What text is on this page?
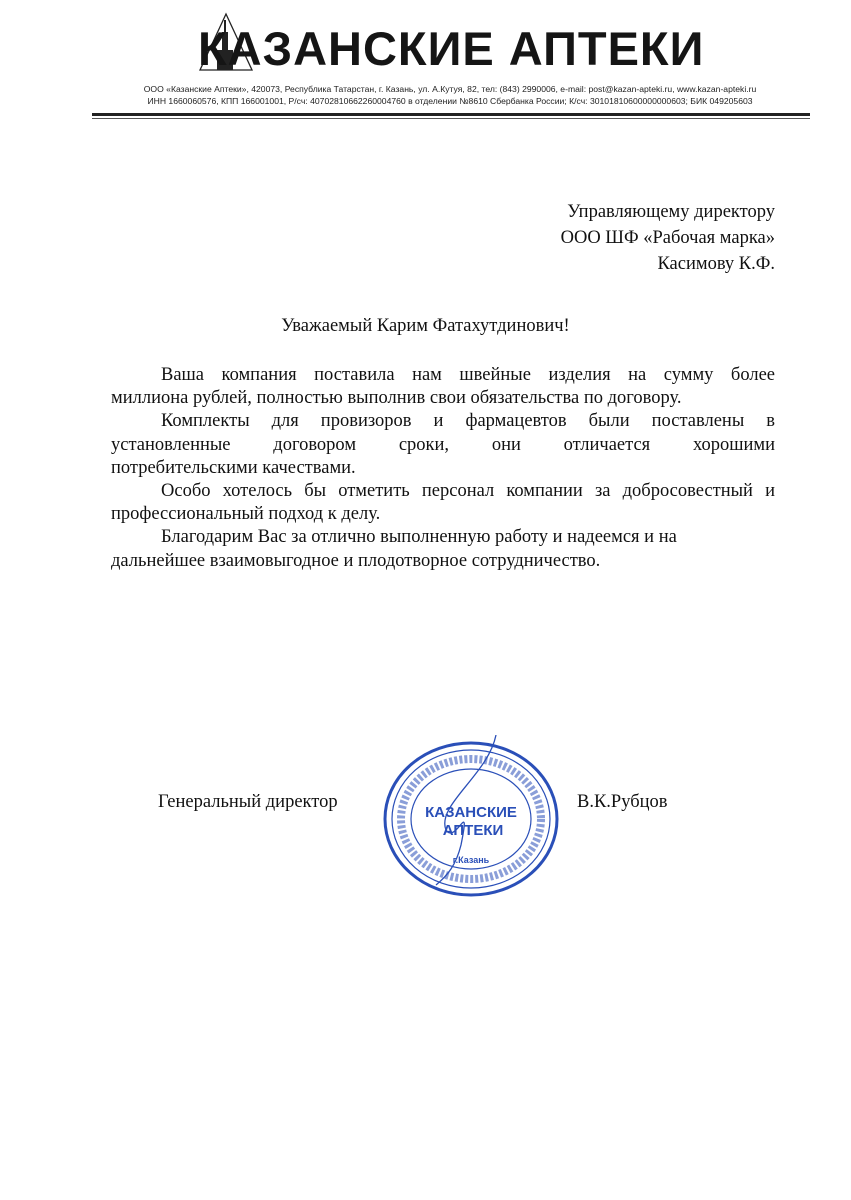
КАЗАНСКИЕ АПТЕКИ
ООО «Казанские Аптеки», 420073, Республика Татарстан, г. Казань, ул. А.Кутуя, 82, тел: (843) 2990006, e-mail: post@kazan-apteki.ru, www.kazan-apteki.ru
ИНН 1660060576, КПП 166001001, Р/сч: 40702810662260004760 в отделении №8610 Сбербанка России; К/сч: 30101810600000000603; БИК 049205603
Управляющему директору
ООО ШФ «Рабочая марка»
Касимову К.Ф.
Уважаемый Карим Фатахутдинович!
Ваша компания поставила нам швейные изделия на сумму более
миллиона рублей, полностью выполнив свои обязательства по договору.
Комплекты для провизоров и фармацевтов были поставлены в
установленные договором сроки, они отличается хорошими
потребительскими качествами.
Особо хотелось бы отметить персонал компании за добросовестный и
профессиональный подход к делу.
Благодарим Вас за отлично выполненную работу и надеемся и на
дальнейшее взаимовыгодное и плодотворное сотрудничество.
Генеральный директор	В.К.Рубцов
КАЗАНСКИЕ
АПТЕКИ
г.Казань
